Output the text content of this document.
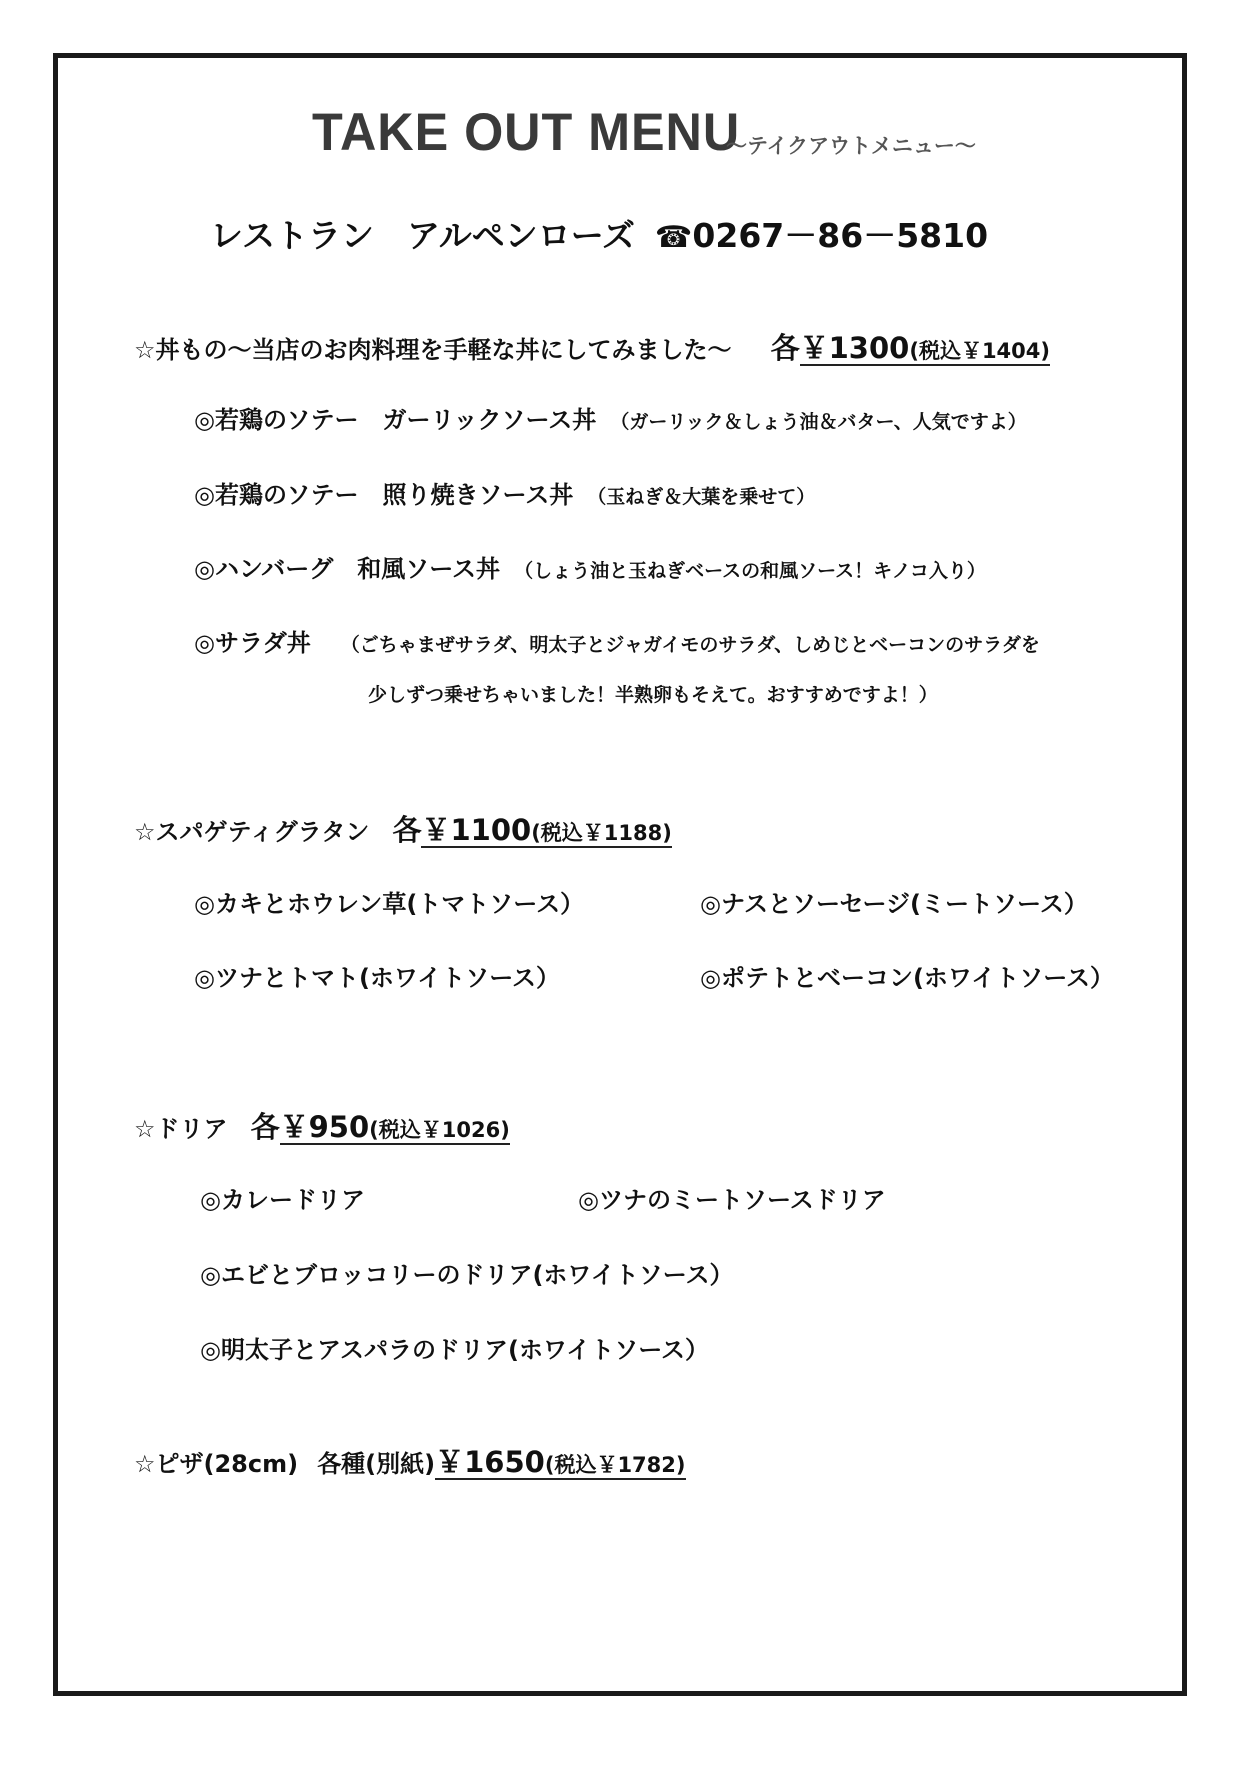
TAKE OUT MENU
～テイクアウトメニュー～
レストラン　アルペンローズ ☎0267－86－5810
☆丼もの～当店のお肉料理を手軽な丼にしてみました～ 各￥1300(税込￥1404)
◎若鶏のソテー　ガーリックソース丼 （ガーリック＆しょう油＆バター、人気ですよ）
◎若鶏のソテー　照り焼きソース丼 （玉ねぎ＆大葉を乗せて）
◎ハンバーグ　和風ソース丼 （しょう油と玉ねぎベースの和風ソース！キノコ入り）
◎サラダ丼 （ごちゃまぜサラダ、明太子とジャガイモのサラダ、しめじとベーコンのサラダを
少しずつ乗せちゃいました！半熟卵もそえて。おすすめですよ！）
☆スパゲティグラタン 各￥1100(税込￥1188)
◎カキとホウレン草(トマトソース）	◎ナスとソーセージ(ミートソース）
◎ツナとトマト(ホワイトソース）	◎ポテトとベーコン(ホワイトソース）
☆ドリア 各￥950(税込￥1026)
◎カレードリア	◎ツナのミートソースドリア
◎エビとブロッコリーのドリア(ホワイトソース）
◎明太子とアスパラのドリア(ホワイトソース）
☆ピザ(28cm) 各種(別紙)￥1650(税込￥1782)
